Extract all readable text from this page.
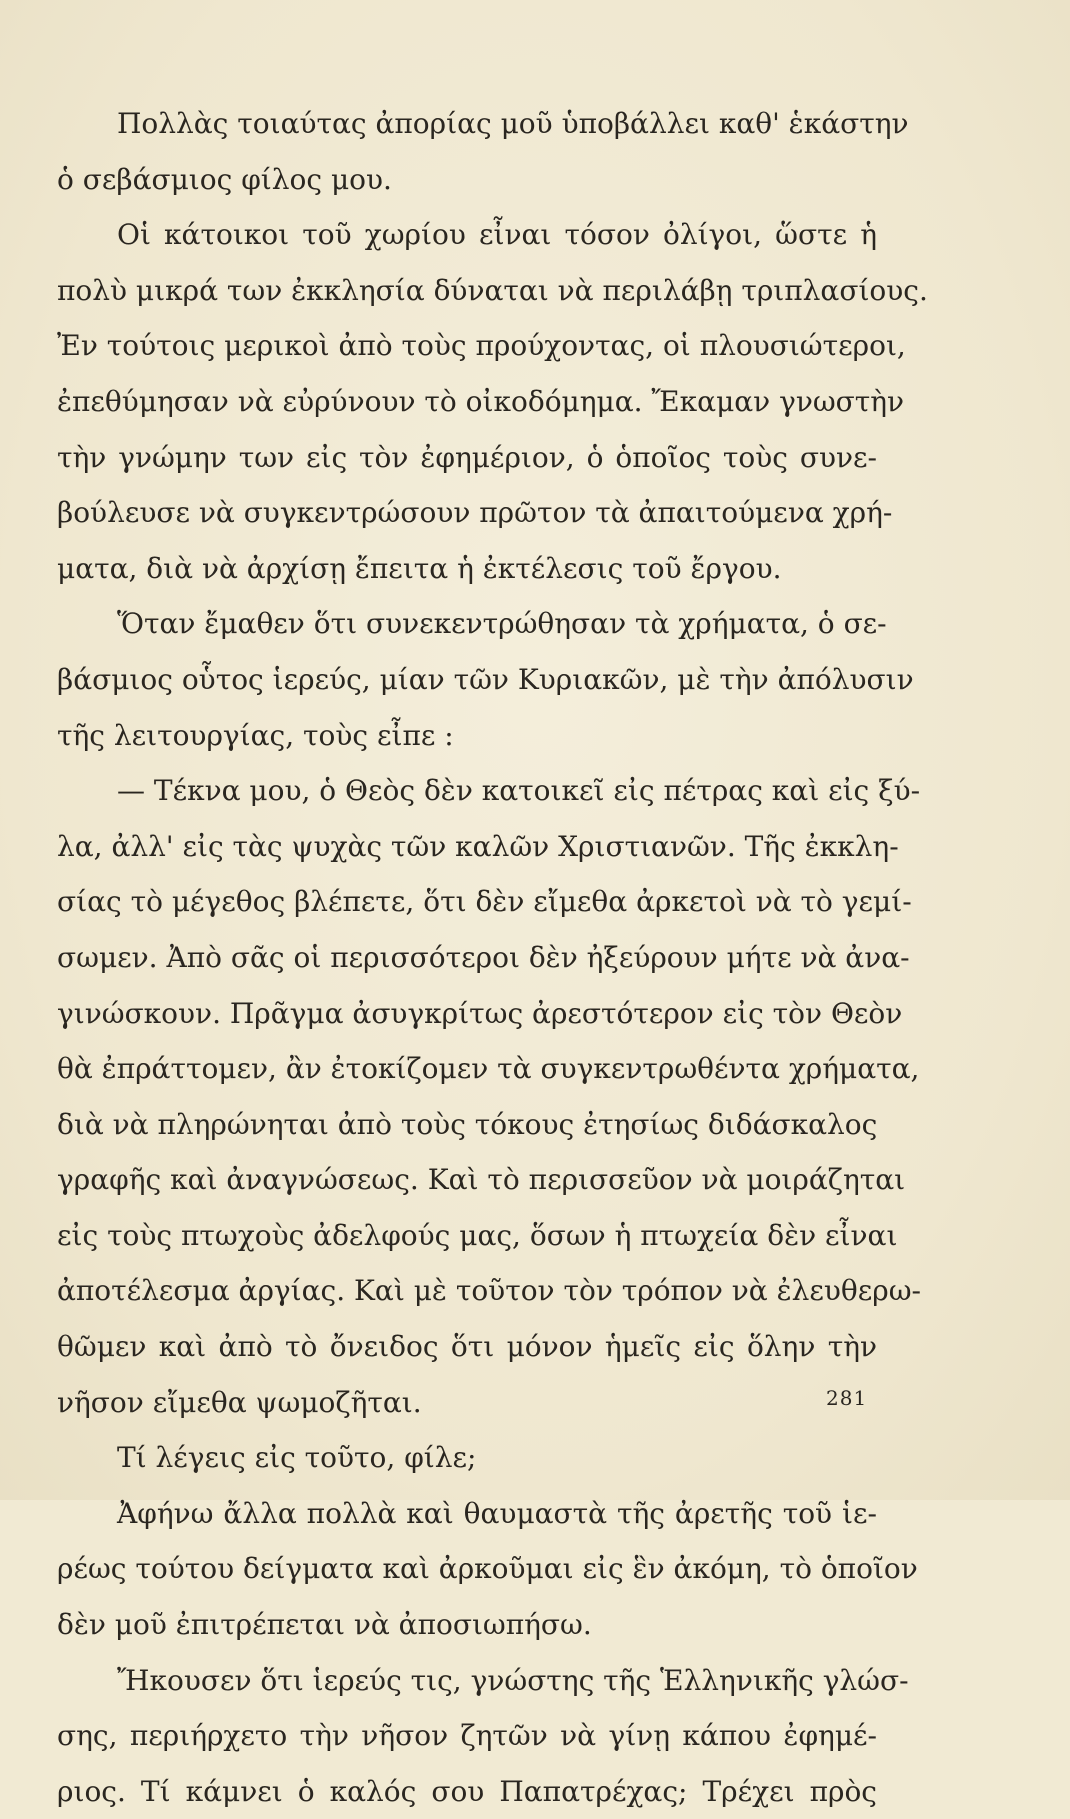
Πολλὰς τοιαύτας ἀπορίας μοῦ ὑποβάλλει καθ' ἑκάστην
ὁ σεβάσμιος φίλος μου.
Οἱ κάτοικοι τοῦ χωρίου εἶναι τόσον ὀλίγοι, ὥστε ἡ
πολὺ μικρά των ἐκκλησία δύναται νὰ περιλάβῃ τριπλασίους.
Ἐν τούτοις μερικοὶ ἀπὸ τοὺς προύχοντας, οἱ πλουσιώτεροι,
ἐπεθύμησαν νὰ εὐρύνουν τὸ οἰκοδόμημα. Ἔκαμαν γνωστὴν
τὴν γνώμην των εἰς τὸν ἐφημέριον, ὁ ὁποῖος τοὺς συνε-
βούλευσε νὰ συγκεντρώσουν πρῶτον τὰ ἀπαιτούμενα χρή-
ματα, διὰ νὰ ἀρχίσῃ ἔπειτα ἡ ἐκτέλεσις τοῦ ἔργου.
Ὅταν ἔμαθεν ὅτι συνεκεντρώθησαν τὰ χρήματα, ὁ σε-
βάσμιος οὗτος ἱερεύς, μίαν τῶν Κυριακῶν, μὲ τὴν ἀπόλυσιν
τῆς λειτουργίας, τοὺς εἶπε :
— Τέκνα μου, ὁ Θεὸς δὲν κατοικεῖ εἰς πέτρας καὶ εἰς ξύ-
λα, ἀλλ' εἰς τὰς ψυχὰς τῶν καλῶν Χριστιανῶν. Τῆς ἐκκλη-
σίας τὸ μέγεθος βλέπετε, ὅτι δὲν εἴμεθα ἀρκετοὶ νὰ τὸ γεμί-
σωμεν. Ἀπὸ σᾶς οἱ περισσότεροι δὲν ἠξεύρουν μήτε νὰ ἀνα-
γινώσκουν. Πρᾶγμα ἀσυγκρίτως ἀρεστότερον εἰς τὸν Θεὸν
θὰ ἐπράττομεν, ἂν ἐτοκίζομεν τὰ συγκεντρωθέντα χρήματα,
διὰ νὰ πληρώνηται ἀπὸ τοὺς τόκους ἐτησίως διδάσκαλος
γραφῆς καὶ ἀναγνώσεως. Καὶ τὸ περισσεῦον νὰ μοιράζηται
εἰς τοὺς πτωχοὺς ἀδελφούς μας, ὅσων ἡ πτωχεία δὲν εἶναι
ἀποτέλεσμα ἀργίας. Καὶ μὲ τοῦτον τὸν τρόπον νὰ ἐλευθερω-
θῶμεν καὶ ἀπὸ τὸ ὄνειδος ὅτι μόνον ἡμεῖς εἰς ὅλην τὴν
νῆσον εἴμεθα ψωμοζῆται.
Τί λέγεις εἰς τοῦτο, φίλε;
Ἀφήνω ἄλλα πολλὰ καὶ θαυμαστὰ τῆς ἀρετῆς τοῦ ἱε-
ρέως τούτου δείγματα καὶ ἀρκοῦμαι εἰς ἓν ἀκόμη, τὸ ὁποῖον
δὲν μοῦ ἐπιτρέπεται νὰ ἀποσιωπήσω.
Ἤκουσεν ὅτι ἱερεύς τις, γνώστης τῆς Ἑλληνικῆς γλώσ-
σης, περιήρχετο τὴν νῆσον ζητῶν νὰ γίνῃ κάπου ἐφημέ-
ριος. Τί κάμνει ὁ καλός σου Παπατρέχας; Τρέχει πρὸς
281
